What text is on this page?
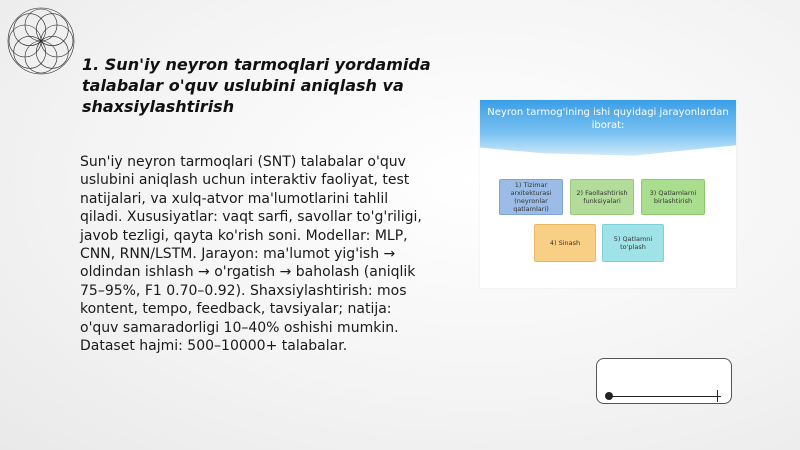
1. Sun'iy neyron tarmoqlari yordamida talabalar o'quv uslubini aniqlash va shaxsiylashtirish

Sun'iy neyron tarmoqlari (SNT) talabalar o'quv uslubini aniqlash uchun interaktiv faoliyat, test natijalari, va xulq-atvor ma'lumotlarini tahlil qiladi. Xususiyatlar: vaqt sarfi, savollar to'g'riligi, javob tezligi, qayta ko'rish soni. Modellar: MLP, CNN, RNN/LSTM. Jarayon: ma'lumot yig'ish → oldindan ishlash → o'rgatish → baholash (aniqlik 75–95%, F1 0.70–0.92). Shaxsiylashtirish: mos kontent, tempo, feedback, tavsiyalar; natija: o'quv samaradorligi 10–40% oshishi mumkin. Dataset hajmi: 500–10000+ talabalar.

Neyron tarmog'ining ishi quyidagi jarayonlardan iborat:
1) Tizimar arxitekturasi (neyronlar qatlamlari)
2) Faollashtirish funksiyalari
3) Qatlamlarni birlashtirish
4) Sinash	5) Qatlamni to'plash
